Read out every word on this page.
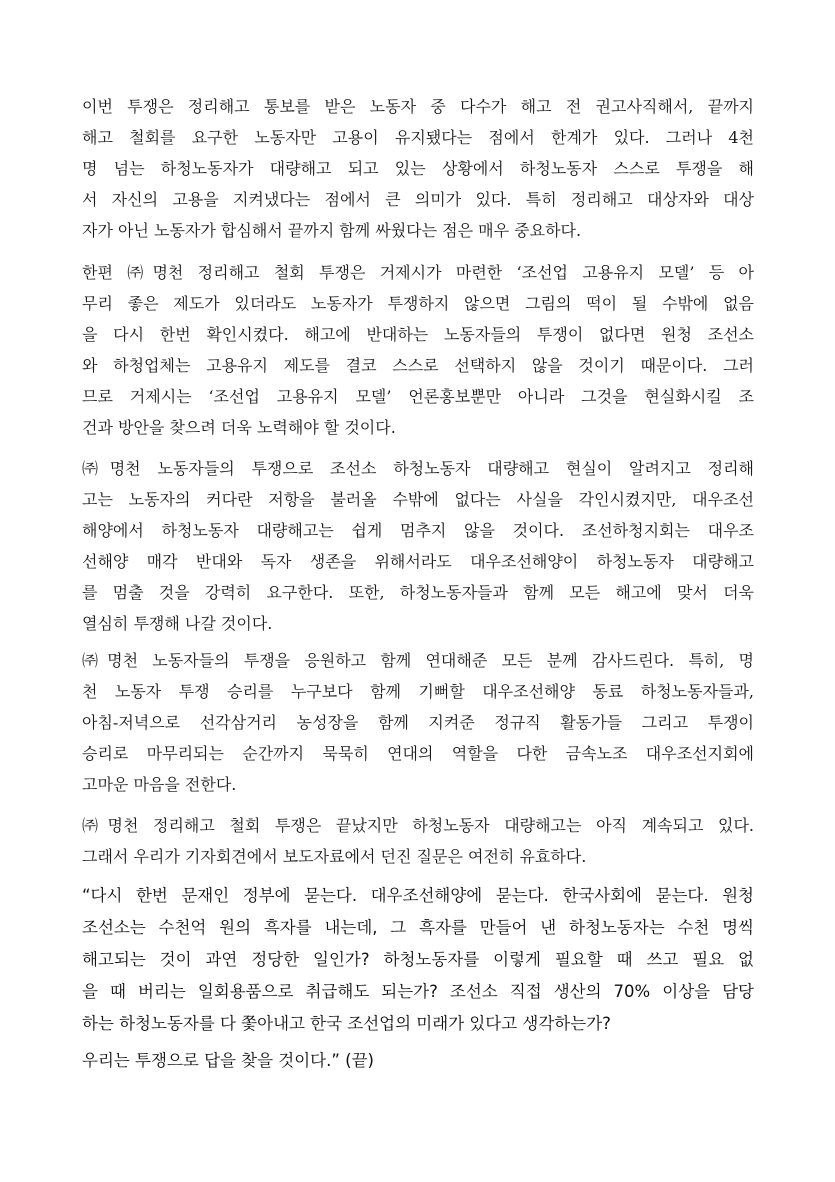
이번 투쟁은 정리해고 통보를 받은 노동자 중 다수가 해고 전 권고사직해서, 끝까지
해고 철회를 요구한 노동자만 고용이 유지됐다는 점에서 한계가 있다. 그러나 4천
명 넘는 하청노동자가 대량해고 되고 있는 상황에서 하청노동자 스스로 투쟁을 해
서 자신의 고용을 지켜냈다는 점에서 큰 의미가 있다. 특히 정리해고 대상자와 대상
자가 아닌 노동자가 합심해서 끝까지 함께 싸웠다는 점은 매우 중요하다.
한편 ㈜명천 정리해고 철회 투쟁은 거제시가 마련한 ‘조선업 고용유지 모델’ 등 아
무리 좋은 제도가 있더라도 노동자가 투쟁하지 않으면 그림의 떡이 될 수밖에 없음
을 다시 한번 확인시켰다. 해고에 반대하는 노동자들의 투쟁이 없다면 원청 조선소
와 하청업체는 고용유지 제도를 결코 스스로 선택하지 않을 것이기 때문이다. 그러
므로 거제시는 ‘조선업 고용유지 모델’ 언론홍보뿐만 아니라 그것을 현실화시킬 조
건과 방안을 찾으려 더욱 노력해야 할 것이다.
㈜명천 노동자들의 투쟁으로 조선소 하청노동자 대량해고 현실이 알려지고 정리해
고는 노동자의 커다란 저항을 불러올 수밖에 없다는 사실을 각인시켰지만, 대우조선
해양에서 하청노동자 대량해고는 쉽게 멈추지 않을 것이다. 조선하청지회는 대우조
선해양 매각 반대와 독자 생존을 위해서라도 대우조선해양이 하청노동자 대량해고
를 멈출 것을 강력히 요구한다. 또한, 하청노동자들과 함께 모든 해고에 맞서 더욱
열심히 투쟁해 나갈 것이다.
㈜명천 노동자들의 투쟁을 응원하고 함께 연대해준 모든 분께 감사드린다. 특히, 명
천 노동자 투쟁 승리를 누구보다 함께 기뻐할 대우조선해양 동료 하청노동자들과,
아침-저녁으로 선각삼거리 농성장을 함께 지켜준 정규직 활동가들 그리고 투쟁이
승리로 마무리되는 순간까지 묵묵히 연대의 역할을 다한 금속노조 대우조선지회에
고마운 마음을 전한다.
㈜명천 정리해고 철회 투쟁은 끝났지만 하청노동자 대량해고는 아직 계속되고 있다.
그래서 우리가 기자회견에서 보도자료에서 던진 질문은 여전히 유효하다.
“다시 한번 문재인 정부에 묻는다. 대우조선해양에 묻는다. 한국사회에 묻는다. 원청
조선소는 수천억 원의 흑자를 내는데, 그 흑자를 만들어 낸 하청노동자는 수천 명씩
해고되는 것이 과연 정당한 일인가? 하청노동자를 이렇게 필요할 때 쓰고 필요 없
을 때 버리는 일회용품으로 취급해도 되는가? 조선소 직접 생산의 70% 이상을 담당
하는 하청노동자를 다 쫓아내고 한국 조선업의 미래가 있다고 생각하는가?
우리는 투쟁으로 답을 찾을 것이다.” (끝)
